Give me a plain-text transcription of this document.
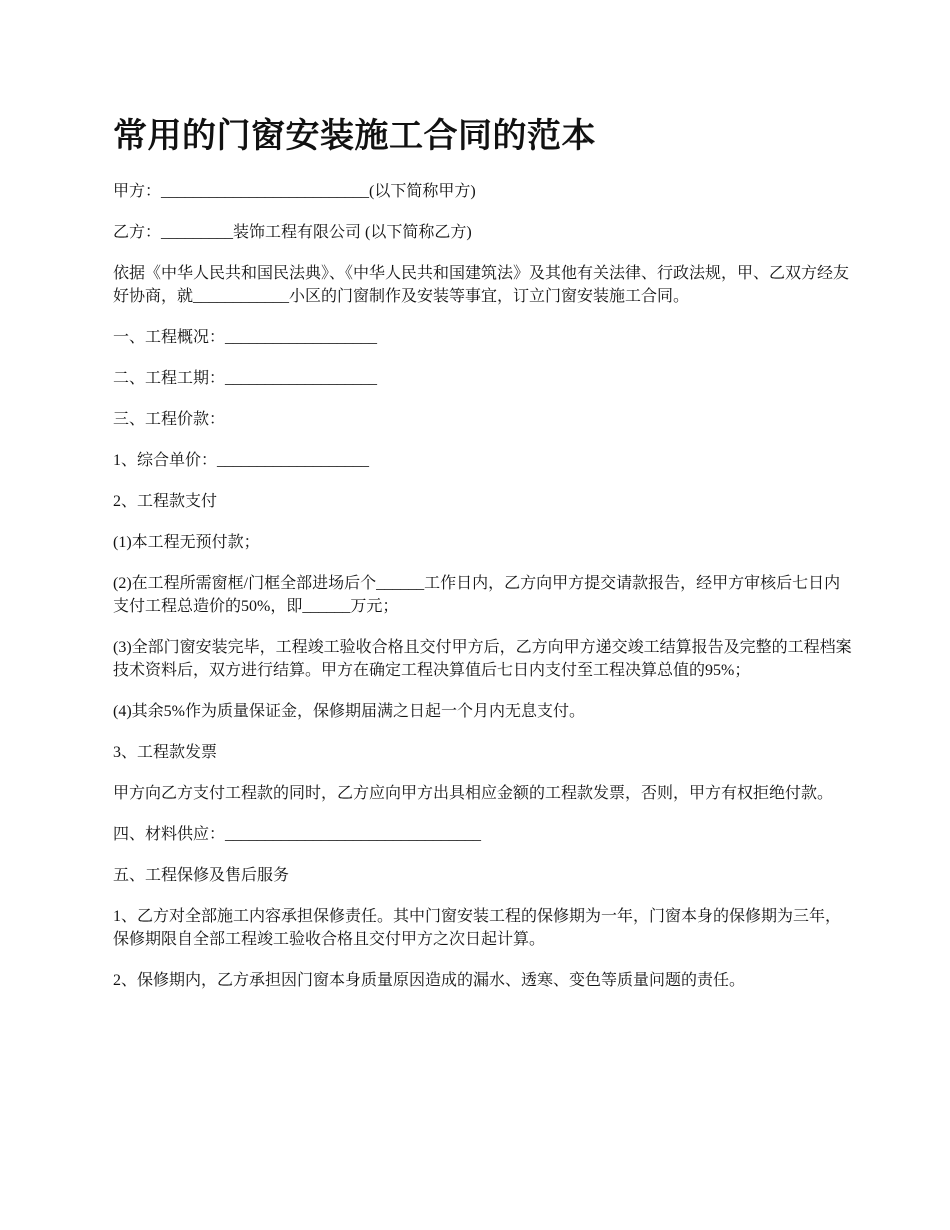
常用的门窗安装施工合同的范本

甲方：__________________________(以下简称甲方)

乙方：_________装饰工程有限公司 (以下简称乙方)

依据《中华人民共和国民法典》、《中华人民共和国建筑法》及其他有关法律、行政法规，甲、乙双方经友好协商，就____________小区的门窗制作及安装等事宜，订立门窗安装施工合同。

一、工程概况：___________________

二、工程工期：___________________

三、工程价款：

1、综合单价：___________________

2、工程款支付

(1)本工程无预付款；

(2)在工程所需窗框/门框全部进场后个______工作日内，乙方向甲方提交请款报告，经甲方审核后七日内支付工程总造价的50%，即______万元；

(3)全部门窗安装完毕，工程竣工验收合格且交付甲方后，乙方向甲方递交竣工结算报告及完整的工程档案技术资料后，双方进行结算。甲方在确定工程决算值后七日内支付至工程决算总值的95%；

(4)其余5%作为质量保证金，保修期届满之日起一个月内无息支付。

3、工程款发票

甲方向乙方支付工程款的同时，乙方应向甲方出具相应金额的工程款发票，否则，甲方有权拒绝付款。

四、材料供应：________________________________

五、工程保修及售后服务

1、乙方对全部施工内容承担保修责任。其中门窗安装工程的保修期为一年，门窗本身的保修期为三年，保修期限自全部工程竣工验收合格且交付甲方之次日起计算。

2、保修期内，乙方承担因门窗本身质量原因造成的漏水、透寒、变色等质量问题的责任。
